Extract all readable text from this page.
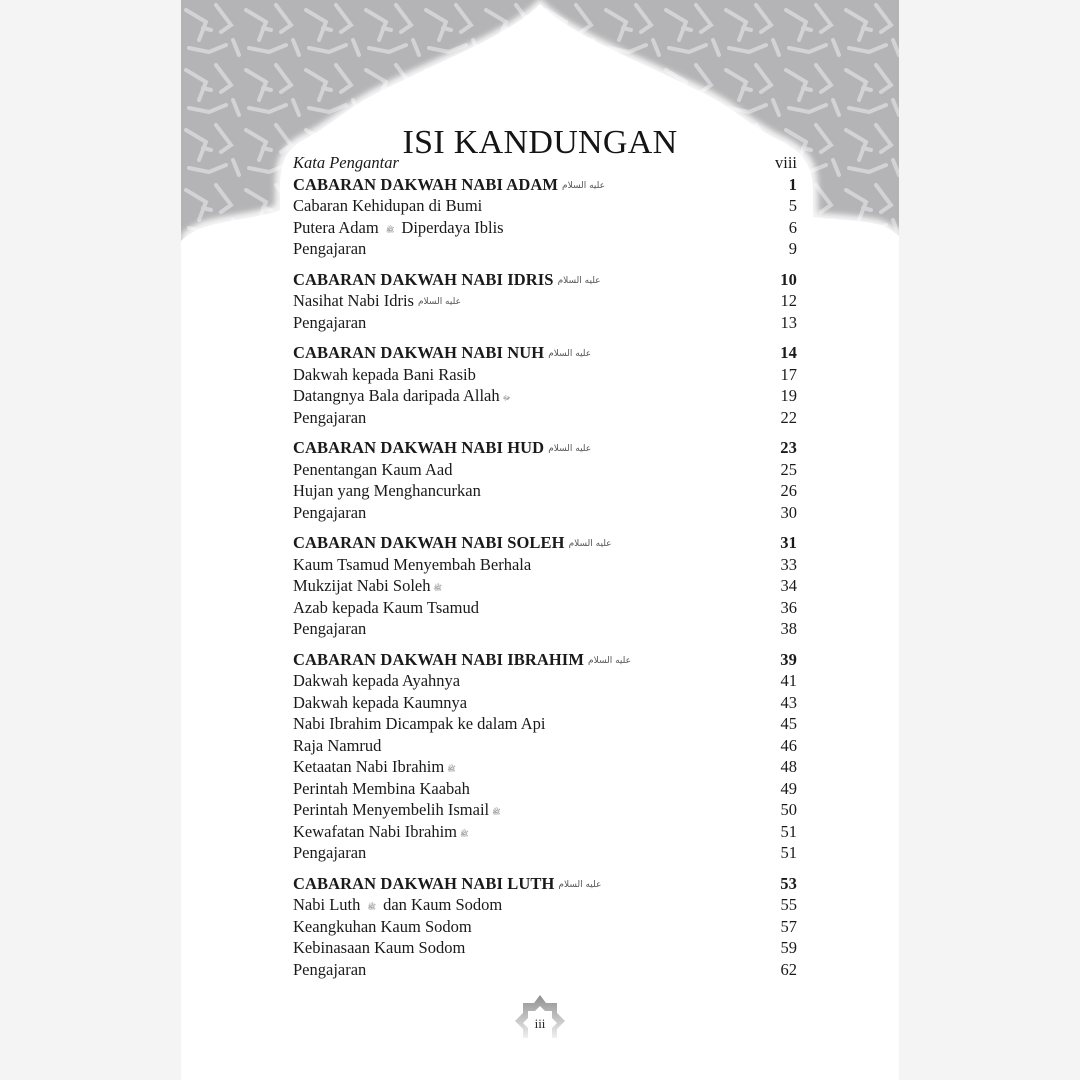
ISI KANDUNGAN
Kata Pengantar	viii
CABARAN DAKWAH NABI ADAM عليه السلام	1
Cabaran Kehidupan di Bumi	5
Putera Adam ﷺ Diperdaya Iblis	6
Pengajaran	9
CABARAN DAKWAH NABI IDRIS عليه السلام	10
Nasihat Nabi Idris عليه السلام	12
Pengajaran	13
CABARAN DAKWAH NABI NUH عليه السلام	14
Dakwah kepada Bani Rasib	17
Datangnya Bala daripada Allah ﷻ	19
Pengajaran	22
CABARAN DAKWAH NABI HUD عليه السلام	23
Penentangan Kaum Aad	25
Hujan yang Menghancurkan	26
Pengajaran	30
CABARAN DAKWAH NABI SOLEH عليه السلام	31
Kaum Tsamud Menyembah Berhala	33
Mukzijat Nabi Soleh ﷺ	34
Azab kepada Kaum Tsamud	36
Pengajaran	38
CABARAN DAKWAH NABI IBRAHIM عليه السلام	39
Dakwah kepada Ayahnya	41
Dakwah kepada Kaumnya	43
Nabi Ibrahim Dicampak ke dalam Api	45
Raja Namrud	46
Ketaatan Nabi Ibrahim ﷺ	48
Perintah Membina Kaabah	49
Perintah Menyembelih Ismail ﷺ	50
Kewafatan Nabi Ibrahim ﷺ	51
Pengajaran	51
CABARAN DAKWAH NABI LUTH عليه السلام	53
Nabi Luth ﷺ dan Kaum Sodom	55
Keangkuhan Kaum Sodom	57
Kebinasaan Kaum Sodom	59
Pengajaran	62
iii
